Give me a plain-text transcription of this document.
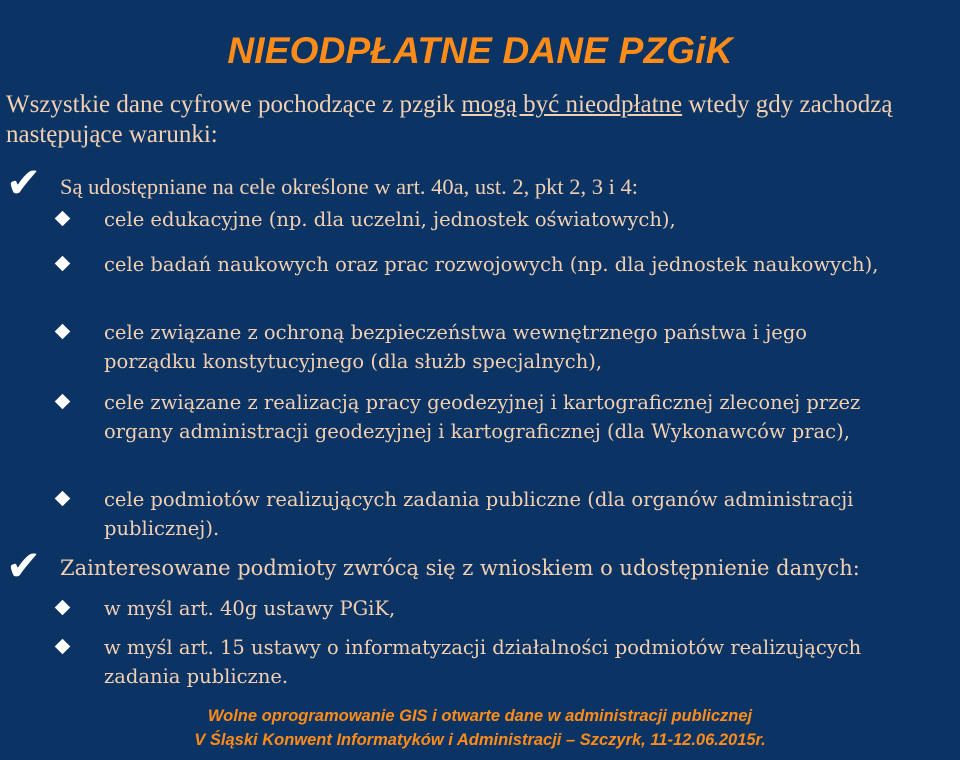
NIEODPŁATNE DANE PZGiK
Wszystkie dane cyfrowe pochodzące z pzgik mogą być nieodpłatne wtedy gdy zachodzą następujące warunki:
✔ Są udostępniane na cele określone w art. 40a, ust. 2, pkt 2, 3 i 4:
cele edukacyjne (np. dla uczelni, jednostek oświatowych),
cele badań naukowych oraz prac rozwojowych (np. dla jednostek naukowych),
cele związane z ochroną bezpieczeństwa wewnętrznego państwa i jego porządku konstytucyjnego (dla służb specjalnych),
cele związane z realizacją pracy geodezyjnej i kartograficznej zleconej przez organy administracji geodezyjnej i kartograficznej (dla Wykonawców prac),
cele podmiotów realizujących zadania publiczne (dla organów administracji publicznej).
✔ Zainteresowane podmioty zwrócą się z wnioskiem o udostępnienie danych:
w myśl art. 40g ustawy PGiK,
w myśl art. 15 ustawy o informatyzacji działalności podmiotów realizujących zadania publiczne.
Wolne oprogramowanie GIS i otwarte dane w administracji publicznej
V Śląski Konwent Informatyków i Administracji – Szczyrk, 11-12.06.2015r.
